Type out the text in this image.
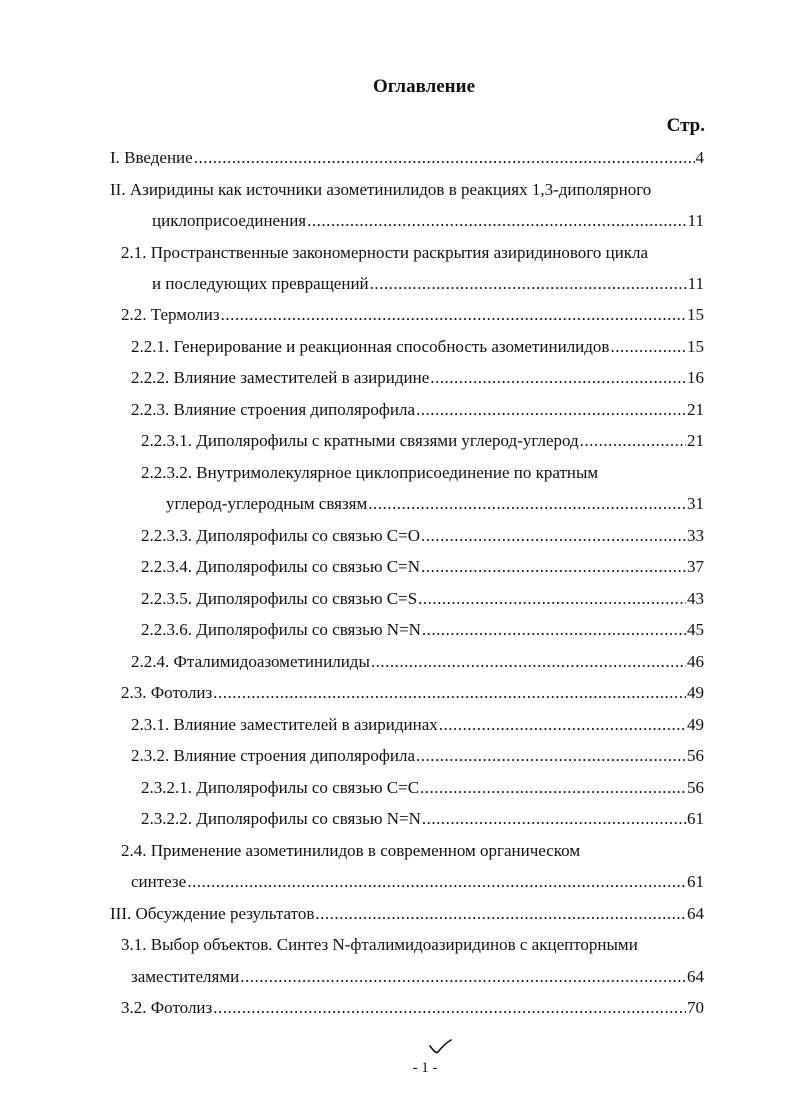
Оглавление
Стр.
I. Введение .....	4
II. Азиридины как источники азометинилидов в реакциях 1,3-диполярного
циклоприсоединения .....	11
2.1. Пространственные закономерности раскрытия азиридинового цикла
и последующих превращений .....	11
2.2. Термолиз .....	15
2.2.1. Генерирование и реакционная способность азометинилидов .....	15
2.2.2. Влияние заместителей в азиридине .....	16
2.2.3. Влияние строения диполярофила .....	21
2.2.3.1. Диполярофилы с кратными связями углерод-углерод .....	21
2.2.3.2. Внутримолекулярное циклоприсоединение по кратным
углерод-углеродным связям .....	31
2.2.3.3. Диполярофилы со связью С=О .....	33
2.2.3.4. Диполярофилы со связью C=N .....	37
2.2.3.5. Диполярофилы со связью C=S .....	43
2.2.3.6. Диполярофилы со связью N=N .....	45
2.2.4. Фталимидоазометинилиды .....	46
2.3. Фотолиз .....	49
2.3.1. Влияние заместителей в азиридинах .....	49
2.3.2. Влияние строения диполярофила .....	56
2.3.2.1. Диполярофилы со связью С=С .....	56
2.3.2.2. Диполярофилы со связью N=N .....	61
2.4. Применение азометинилидов в современном органическом
синтезе .....	61
III. Обсуждение результатов .....	64
3.1. Выбор объектов. Синтез N-фталимидоазиридинов с акцепторными
заместителями .....	64
3.2. Фотолиз .....	70
- 1 -
